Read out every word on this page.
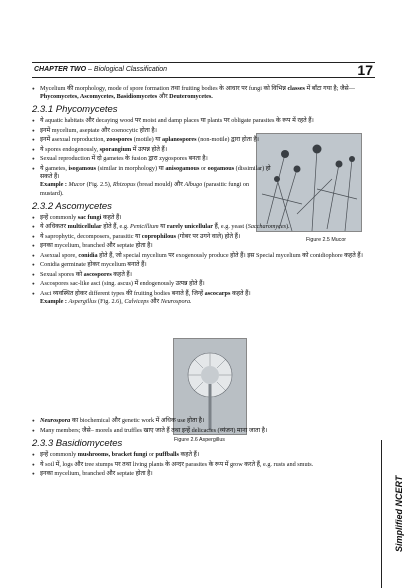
CHAPTER TWO – Biological Classification	17
Simplified NCERT
Figure 2.5 Mucor
Figure 2.6 Aspergillus

● Mycelium की morphology, mode of spore formation तथा fruiting bodies के आधार पर fungi को विभिन्न classes में बाँटा गया है; जैसे— Phycomycetes, Ascomycetes, Basidiomycetes और Deuteromycetes.

2.3.1 Phycomycetes

● ये aquatic habitats और decaying wood पर moist and damp places या plants पर obligate parasites के रूप में रहते हैं।

● इनमें mycelium, aseptate और coenocytic होता है।

● इनमें asexual reproduction, zoospores (motile) या aplanospores (non-motile) द्वारा होता है।

● ये spores endogenously, sporangium में उत्पन्न होते हैं।

● Sexual reproduction में दो gametes के fusion द्वारा zygospores बनता है।

● ये gametes, isogamous (similar in morphology) या anisogamous or oogamous (dissimilar) हो सकते हैं।
Example : Mucor (Fig. 2.5), Rhizopus (bread mould) और Albugo (parasitic fungi on mustard).

2.3.2 Ascomycetes

● इन्हें commonly sac fungi कहते हैं।

● ये अधिकतर multicellular होते हैं, e.g. Penicillium या rarely unicellular हैं, e.g. yeast (Saccharomyces).

● ये saprophytic, decomposers, parasitic या coprophilous (गोबर पर उगने वाले) होते हैं।

● इनका mycelium, branched और septate होता है।

● Asexual spore, conidia होते हैं, जो special mycelium पर exogenously produce होते हैं। इस Special mycelium को conidiophore कहते हैं।

● Conidia germinate होकर mycelium बनाते हैं।

● Sexual spores को ascospores कहते हैं।

● Ascospores sac-like asci (sing. ascus) में endogenously उत्पन्न होते हैं।

● Asci व्यवस्थित होकर different types की fruiting bodies बनाते हैं, जिन्हें ascocarps कहते हैं।
Example : Aspergillus (Fig. 2.6), Calviceps और Neurospora.

● Neurospora का biochemical और genetic work में अधिक use होता है।

● Many members; जैसे– morels and truffles खाए जाते हैं तथा इन्हें delicacies (व्यंजन) माना जाता है।

2.3.3 Basidiomycetes

● इन्हें commonly mushrooms, bracket fungi or puffballs कहते हैं।

● ये soil में, logs और tree stumps पर तथा living plants के अन्दर parasites के रूप में grow करते हैं, e.g. rusts and smuts.

● इनका mycelium, branched और septate होता है।
